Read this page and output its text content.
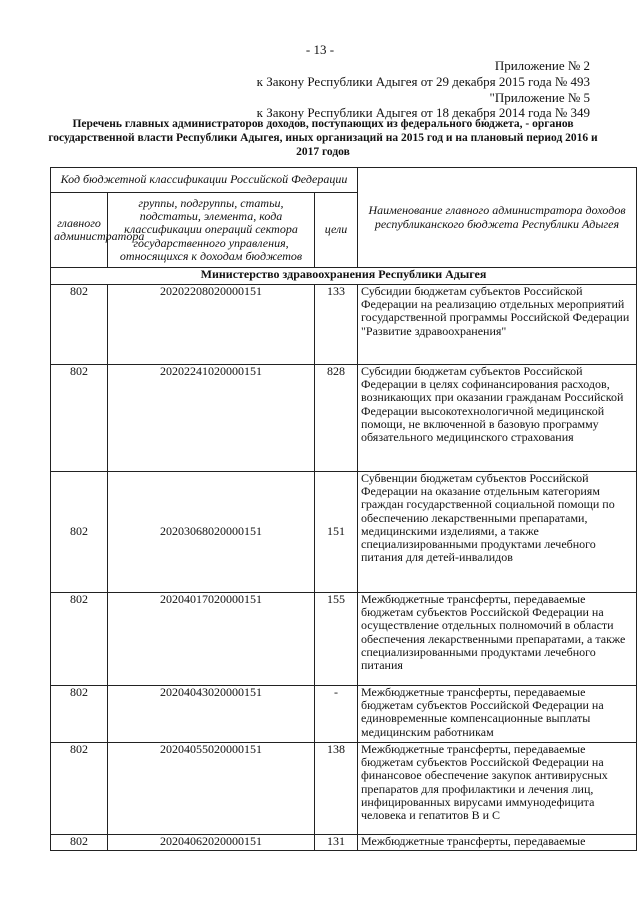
- 13 -
Приложение № 2
к Закону Республики Адыгея от 29 декабря 2015 года № 493
"Приложение № 5
к Закону Республики Адыгея от 18 декабря 2014 года № 349
Перечень главных администраторов доходов, поступающих из федерального бюджета, - органов государственной власти Республики Адыгея, иных организаций на 2015 год и на плановый период 2016 и 2017 годов
Код бюджетной классификации Российской Федерации			Наименование главного администратора доходов республиканского бюджета Республики Адыгея
главного администратора	группы, подгруппы, статьи, подстатьи, элемента, кода классификации операций сектора государственного управления, относящихся к доходам бюджетов	цели	
Министерство здравоохранения Республики Адыгея			
802	20202208020000151	133	Субсидии бюджетам субъектов Российской Федерации на реализацию отдельных мероприятий государственной программы Российской Федерации "Развитие здравоохранения"
802	20202241020000151	828	Субсидии бюджетам субъектов Российской Федерации в целях софинансирования расходов, возникающих при оказании гражданам Российской Федерации высокотехнологичной медицинской помощи, не включенной в базовую программу обязательного медицинского страхования
802	20203068020000151	151	Субвенции бюджетам субъектов Российской Федерации на оказание отдельным категориям граждан государственной социальной помощи по обеспечению лекарственными препаратами, медицинскими изделиями, а также специализированными продуктами лечебного питания для детей-инвалидов
802	20204017020000151	155	Межбюджетные трансферты, передаваемые бюджетам субъектов Российской Федерации на осуществление отдельных полномочий в области обеспечения лекарственными препаратами, а также специализированными продуктами лечебного питания
802	20204043020000151	-	Межбюджетные трансферты, передаваемые бюджетам субъектов Российской Федерации на единовременные компенсационные выплаты медицинским работникам
802	20204055020000151	138	Межбюджетные трансферты, передаваемые бюджетам субъектов Российской Федерации на финансовое обеспечение закупок антивирусных препаратов для профилактики и лечения лиц, инфицированных вирусами иммунодефицита человека и гепатитов В и С
802	20204062020000151	131	Межбюджетные трансферты, передаваемые
